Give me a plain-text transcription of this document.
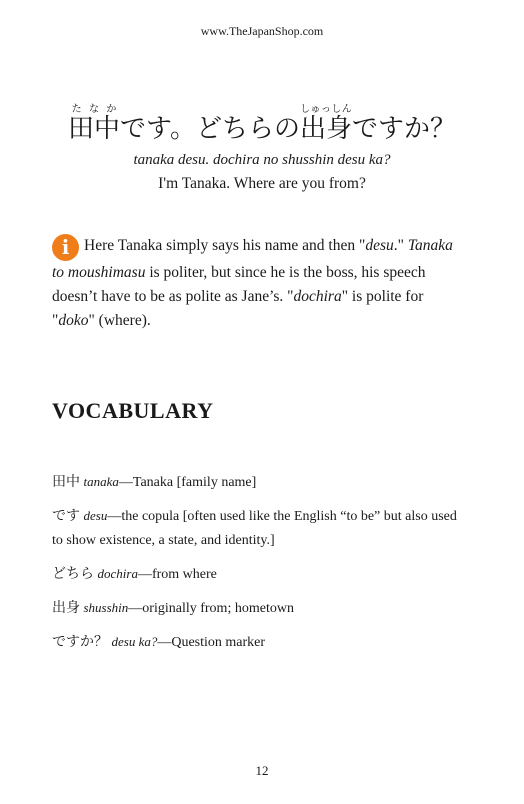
www.TheJapanShop.com
田中たなかです。どちらの出身しゅっしんですか？
tanaka desu. dochira no shusshin desu ka?
I'm Tanaka. Where are you from?
i Here Tanaka simply says his name and then "desu." Tanaka to moushimasu is politer, but since he is the boss, his speech doesn’t have to be as polite as Jane’s. "dochira" is polite for "doko" (where).
VOCABULARY
田中 tanaka—Tanaka [family name]
です desu—the copula [often used like the English “to be” but also used to show existence, a state, and identity.]
どちら dochira—from where
出身 shusshin—originally from; hometown
ですか？ desu ka?—Question marker
12
